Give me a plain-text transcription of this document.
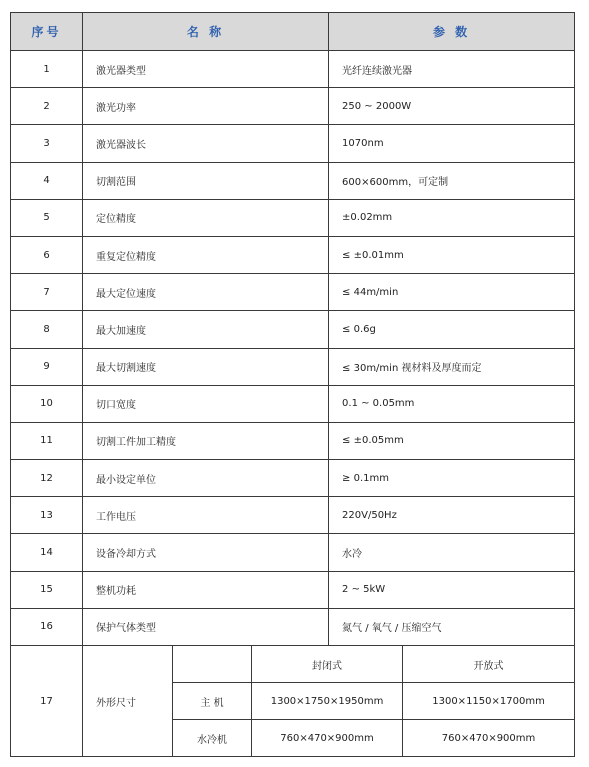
序号	名 称			参 数	
1	激光器类型			光纤连续激光器	
2	激光功率			250 ~ 2000W	
3	激光器波长			1070nm	
4	切割范围			600×600mm，可定制	
5	定位精度			±0.02mm	
6	重复定位精度			≤ ±0.01mm	
7	最大定位速度			≤ 44m/min	
8	最大加速度			≤ 0.6g	
9	最大切割速度			≤ 30m/min 视材料及厚度而定	
10	切口宽度			0.1 ~ 0.05mm	
11	切割工件加工精度			≤ ±0.05mm	
12	最小设定单位			≥ 0.1mm	
13	工作电压			220V/50Hz	
14	设备冷却方式			水冷	
15	整机功耗			2 ~ 5kW	
16	保护气体类型			氮气 / 氧气 / 压缩空气	
17	外形尺寸		封闭式		开放式
		主 机	1300×1750×1950mm		1300×1150×1700mm
		水冷机	760×470×900mm		760×470×900mm
